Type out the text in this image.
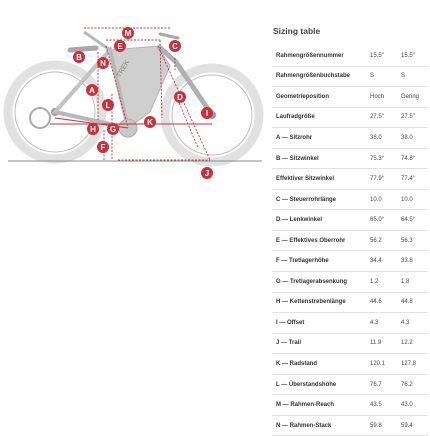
TREK
M
E	C
B
N
A
L
D
I
K
H G
F
J
Sizing table
Rahmengrößennummer	15.5"	15.5"
Rahmengrößenbuchstabe	S	S
Geometrieposition	Hoch	Gering
Laufradgröße	27.5"	27.5"
A — Sitzrohr	38.0	38.0
B — Sitzwinkel	75.3°	74.8°
Effektiver Sitzwinkel	77.9°	77.4°
C — Steuerrohrlänge	10.0	10.0
D — Lenkwinkel	65.0°	64.5°
E — Effektives Oberrohr	56.2	56.3
F — Tretlagerhöhe	34.4	33.8
G — Tretlagerabsenkung	1.2	1.8
H — Kettenstrebenlänge	44.6	44.8
I — Offset	4.3	4.3
J — Trail	11.9	12.2
K — Radstand	120.1	127.8
L — Überstandshöhe	76.7	76.2
M — Rahmen-Reach	43.5	43.0
N — Rahmen-Stack	59.8	59.4
